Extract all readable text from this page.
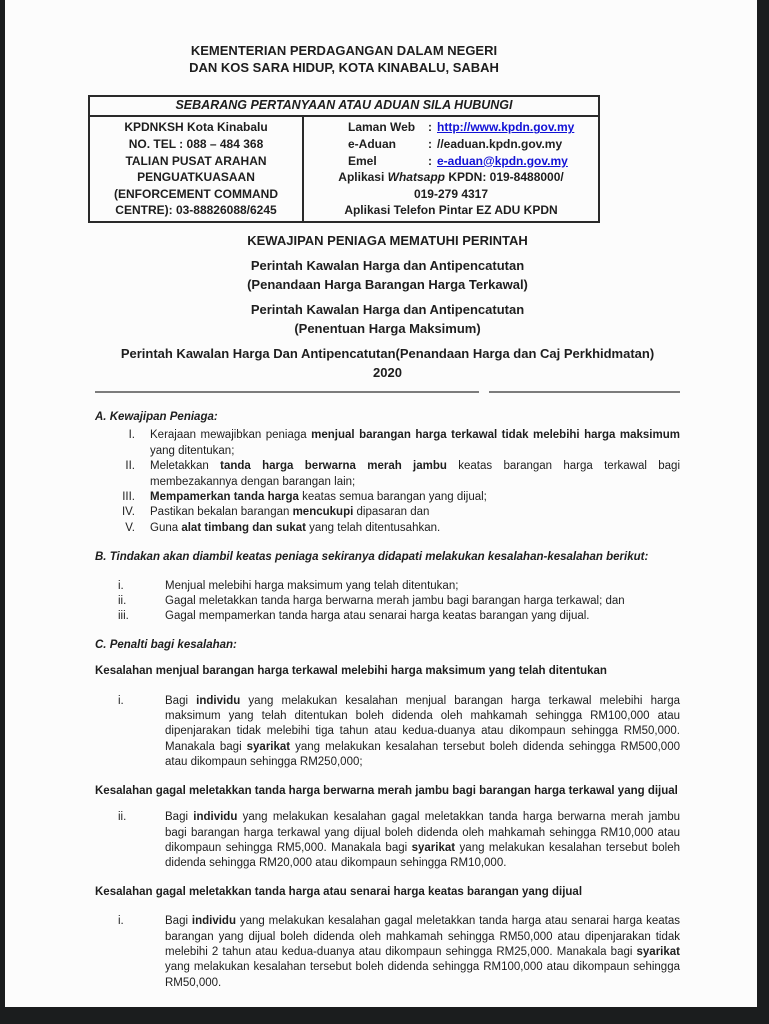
KEMENTERIAN PERDAGANGAN DALAM NEGERI
DAN KOS SARA HIDUP, KOTA KINABALU, SABAH
SEBARANG PERTANYAAN ATAU ADUAN SILA HUBUNGI

KPDNKSH Kota Kinabalu
NO. TEL : 088 – 484 368
TALIAN PUSAT ARAHAN
PENGUATKUASAAN
(ENFORCEMENT COMMAND
CENTRE): 03-88826088/6245

Laman Web	: http://www.kpdn.gov.my
e-Aduan	: //eaduan.kpdn.gov.my
Emel	: e-aduan@kpdn.gov.my
Aplikasi Whatsapp KPDN: 019-8488000/
019-279 4317
Aplikasi Telefon Pintar EZ ADU KPDN
KEWAJIPAN PENIAGA MEMATUHI PERINTAH
Perintah Kawalan Harga dan Antipencatutan
(Penandaan Harga Barangan Harga Terkawal)
Perintah Kawalan Harga dan Antipencatutan
(Penentuan Harga Maksimum)
Perintah Kawalan Harga Dan Antipencatutan(Penandaan Harga dan Caj Perkhidmatan)
2020
A. Kewajipan Peniaga:
I. Kerajaan mewajibkan peniaga menjual barangan harga terkawal tidak melebihi harga maksimum yang ditentukan;
II. Meletakkan tanda harga berwarna merah jambu keatas barangan harga terkawal bagi membezakannya dengan barangan lain;
III. Mempamerkan tanda harga keatas semua barangan yang dijual;
IV. Pastikan bekalan barangan mencukupi dipasaran dan
V. Guna alat timbang dan sukat yang telah ditentusahkan.
B. Tindakan akan diambil keatas peniaga sekiranya didapati melakukan kesalahan-kesalahan berikut:
i.	Menjual melebihi harga maksimum yang telah ditentukan;
ii.	Gagal meletakkan tanda harga berwarna merah jambu bagi barangan harga terkawal; dan
iii.	Gagal mempamerkan tanda harga atau senarai harga keatas barangan yang dijual.
C. Penalti bagi kesalahan:
Kesalahan menjual barangan harga terkawal melebihi harga maksimum yang telah ditentukan
i.	Bagi individu yang melakukan kesalahan menjual barangan harga terkawal melebihi harga maksimum yang telah ditentukan boleh didenda oleh mahkamah sehingga RM100,000 atau dipenjarakan tidak melebihi tiga tahun atau kedua-duanya atau dikompaun sehingga RM50,000. Manakala bagi syarikat yang melakukan kesalahan tersebut boleh didenda sehingga RM500,000 atau dikompaun sehingga RM250,000;
Kesalahan gagal meletakkan tanda harga berwarna merah jambu bagi barangan harga terkawal yang dijual
ii.	Bagi individu yang melakukan kesalahan gagal meletakkan tanda harga berwarna merah jambu bagi barangan harga terkawal yang dijual boleh didenda oleh mahkamah sehingga RM10,000 atau dikompaun sehingga RM5,000. Manakala bagi syarikat yang melakukan kesalahan tersebut boleh didenda sehingga RM20,000 atau dikompaun sehingga RM10,000.
Kesalahan gagal meletakkan tanda harga atau senarai harga keatas barangan yang dijual
i.	Bagi individu yang melakukan kesalahan gagal meletakkan tanda harga atau senarai harga keatas barangan yang dijual boleh didenda oleh mahkamah sehingga RM50,000 atau dipenjarakan tidak melebihi 2 tahun atau kedua-duanya atau dikompaun sehingga RM25,000. Manakala bagi syarikat yang melakukan kesalahan tersebut boleh didenda sehingga RM100,000 atau dikompaun sehingga RM50,000.
